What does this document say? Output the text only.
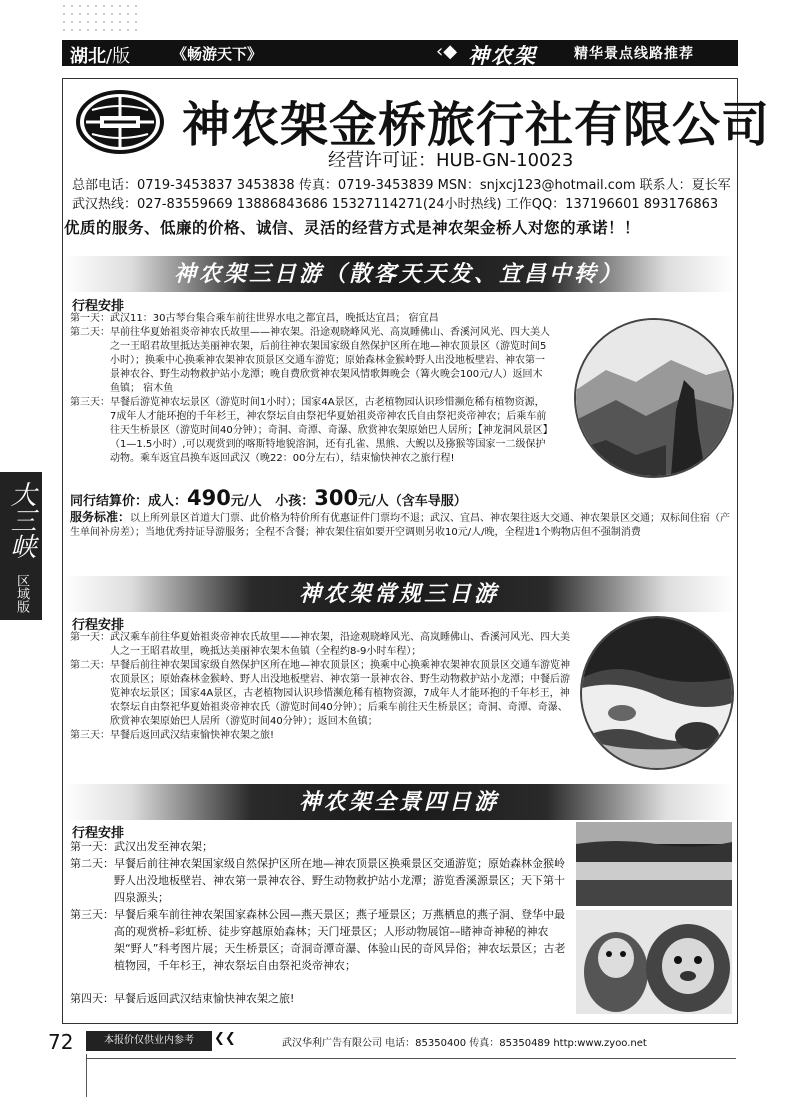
湖北/版	《畅游天下》	‹◆ 神农架	精华景点线路推荐
神农架金桥旅行社有限公司
经营许可证：HUB-GN-10023
总部电话：0719-3453837 3453838 传真：0719-3453839 MSN：snjxcj123@hotmail.com 联系人：夏长军
武汉热线：027-83559669 13886843686 15327114271(24小时热线) 工作QQ：137196601 893176863
优质的服务、低廉的价格、诚信、灵活的经营方式是神农架金桥人对您的承诺！！
神农架三日游（散客天天发、宜昌中转）
行程安排
第一天： 武汉11：30古琴台集合乘车前往世界水电之都宜昌，晚抵达宜昌； 宿宜昌
第二天： 早前往华夏始祖炎帝神农氏故里——神农架。沿途观晓峰风光、高岚睡佛山、香溪河风光、四大美人之一王昭君故里抵达美丽神农架，后前往神农架国家级自然保护区所在地—神农顶景区（游览时间5小时）；换乘中心换乘神农架神农顶景区交通车游览；原始森林金猴岭野人出没地板壁岩、神农第一景神农谷、野生动物救护站小龙潭；晚自费欣赏神农架风情歌舞晚会（篝火晚会100元/人）返回木鱼镇； 宿木鱼
第三天： 早餐后游览神农坛景区（游览时间1小时）；国家4A景区，古老植物园认识珍惜濒危稀有植物资源，7成年人才能环抱的千年杉王，神农祭坛自由祭祀华夏始祖炎帝神农氏自由祭祀炎帝神农；后乘车前往天生桥景区（游览时间40分钟）；奇洞、奇潭、奇瀑、欣赏神农架原始巴人居所；【神龙洞风景区】（1—1.5小时）,可以观赏到的喀斯特地貌溶洞，还有孔雀、黑熊、大鲵以及猕猴等国家一二级保护动物。乘车返宜昌换车返回武汉（晚22：00分左右），结束愉快神农之旅行程!
同行结算价：成人：490元/人 小孩：300元/人（含车导服）
服务标准：以上所列景区首道大门票、此价格为特价所有优惠证件门票均不退；武汉、宜昌、神农架往返大交通、神农架景区交通；双标间住宿（产生单间补房差）；当地优秀持证导游服务；全程不含餐；神农架住宿如要开空调则另收10元/人/晚，全程进1个购物店但不强制消费
大三峡
区域版	神农架常规三日游
行程安排
第一天： 武汉乘车前往华夏始祖炎帝神农氏故里——神农架，沿途观晓峰风光、高岚睡佛山、香溪河风光、四大美人之一王昭君故里，晚抵达美丽神农架木鱼镇（全程约8-9小时车程）；
第二天： 早餐后前往神农架国家级自然保护区所在地—神农顶景区；换乘中心换乘神农架神农顶景区交通车游览神农顶景区；原始森林金猴岭、野人出没地板壁岩、神农第一景神农谷、野生动物救护站小龙潭；中餐后游览神农坛景区；国家4A景区，古老植物园认识珍惜濒危稀有植物资源，7成年人才能环抱的千年杉王，神农祭坛自由祭祀华夏始祖炎帝神农氏（游览时间40分钟）；后乘车前往天生桥景区；奇洞、奇潭、奇瀑、欣赏神农架原始巴人居所（游览时间40分钟）；返回木鱼镇；
第三天： 早餐后返回武汉结束愉快神农架之旅!
神农架全景四日游
行程安排
第一天： 武汉出发至神农架；
第二天： 早餐后前往神农架国家级自然保护区所在地—神农顶景区换乘景区交通游览；原始森林金猴岭野人出没地板壁岩、神农第一景神农谷、野生动物救护站小龙潭；游览香溪源景区；天下第十四泉源头；
第三天： 早餐后乘车前往神农架国家森林公园—燕天景区；燕子垭景区；万燕栖息的燕子洞、登华中最高的观赏桥–彩虹桥、徒步穿越原始森林；天门垭景区；人形动物展馆––睹神奇神秘的神农架“野人”科考图片展；天生桥景区；奇洞奇潭奇瀑、体验山民的奇风异俗；神农坛景区；古老植物园，千年杉王，神农祭坛自由祭祀炎帝神农；
第四天： 早餐后返回武汉结束愉快神农架之旅!
72	本报价仅供业内参考	❮❮	武汉华利广告有限公司 电话：85350400 传真：85350489 http:www.zyoo.net
